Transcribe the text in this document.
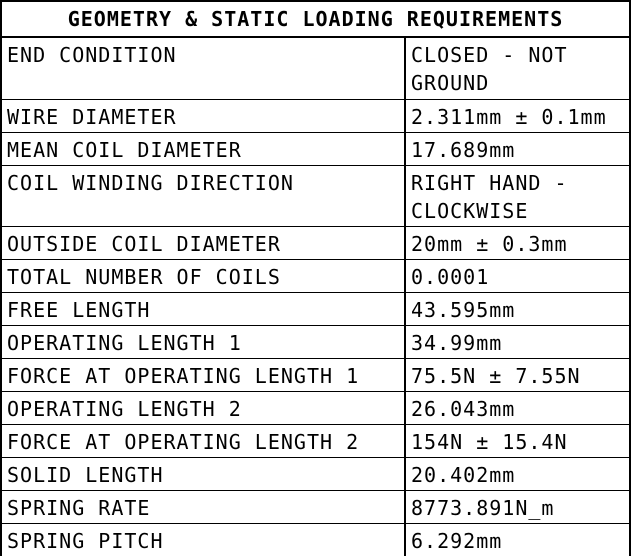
GEOMETRY & STATIC LOADING REQUIREMENTS
END CONDITION	CLOSED - NOT GROUND
WIRE DIAMETER	2.311mm ± 0.1mm
MEAN COIL DIAMETER	17.689mm
COIL WINDING DIRECTION	RIGHT HAND - CLOCKWISE
OUTSIDE COIL DIAMETER	20mm ± 0.3mm
TOTAL NUMBER OF COILS	0.0001
FREE LENGTH	43.595mm
OPERATING LENGTH 1	34.99mm
FORCE AT OPERATING LENGTH 1	75.5N ± 7.55N
OPERATING LENGTH 2	26.043mm
FORCE AT OPERATING LENGTH 2	154N ± 15.4N
SOLID LENGTH	20.402mm
SPRING RATE	8773.891N_m
SPRING PITCH	6.292mm
